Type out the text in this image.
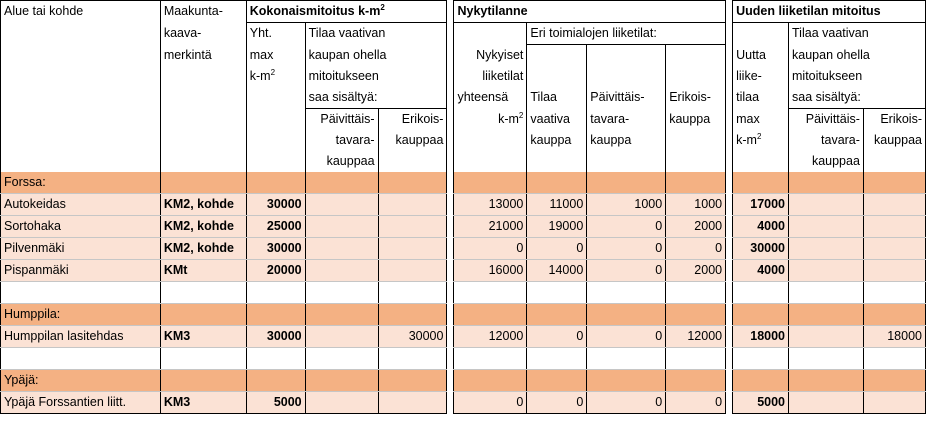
Alue tai kohde	Maakunta-	Kokonaismitoitus $k-m^2$				Nykytilanne					Uuden liiketilan mitoitus		
	kaava-	Yht.	Tilaa vaativan				Eri toimialojen liiketilat:					Tilaa vaativan	
	merkintä	max	kaupan ohella			Nykyiset					Uutta	kaupan ohella	
		$k-m^2$	mitoitukseen			liiketilat					liike-	mitoitukseen	
			saa sisältyä:			yhteensä	Tilaa	Päivittäis-	Erikois-		tilaa	saa sisältyä:	
			Päivittäis-	Erikois-		$k-m^2$	vaativa	tavara-	kauppa		max	Päivittäis-	Erikois-
			tavara-	kauppaa			kauppa	kauppa			$k-m^2$	tavara-	kauppaa
			kauppaa									kauppaa	
Forssa:													
Autokeidas	KM2, kohde	30000				13000	11000	1000	1000		17000		
Sortohaka	KM2, kohde	25000				21000	19000	0	2000		4000		
Pilvenmäki	KM2, kohde	30000				0	0	0	0		30000		
Pispanmäki	KMt	20000				16000	14000	0	2000		4000		

Humppila:													
Humppilan lasitehdas	KM3	30000		30000		12000	0	0	12000		18000		18000

Ypäjä:													
Ypäjä Forssantien liitt.	KM3	5000				0	0	0	0		5000		
